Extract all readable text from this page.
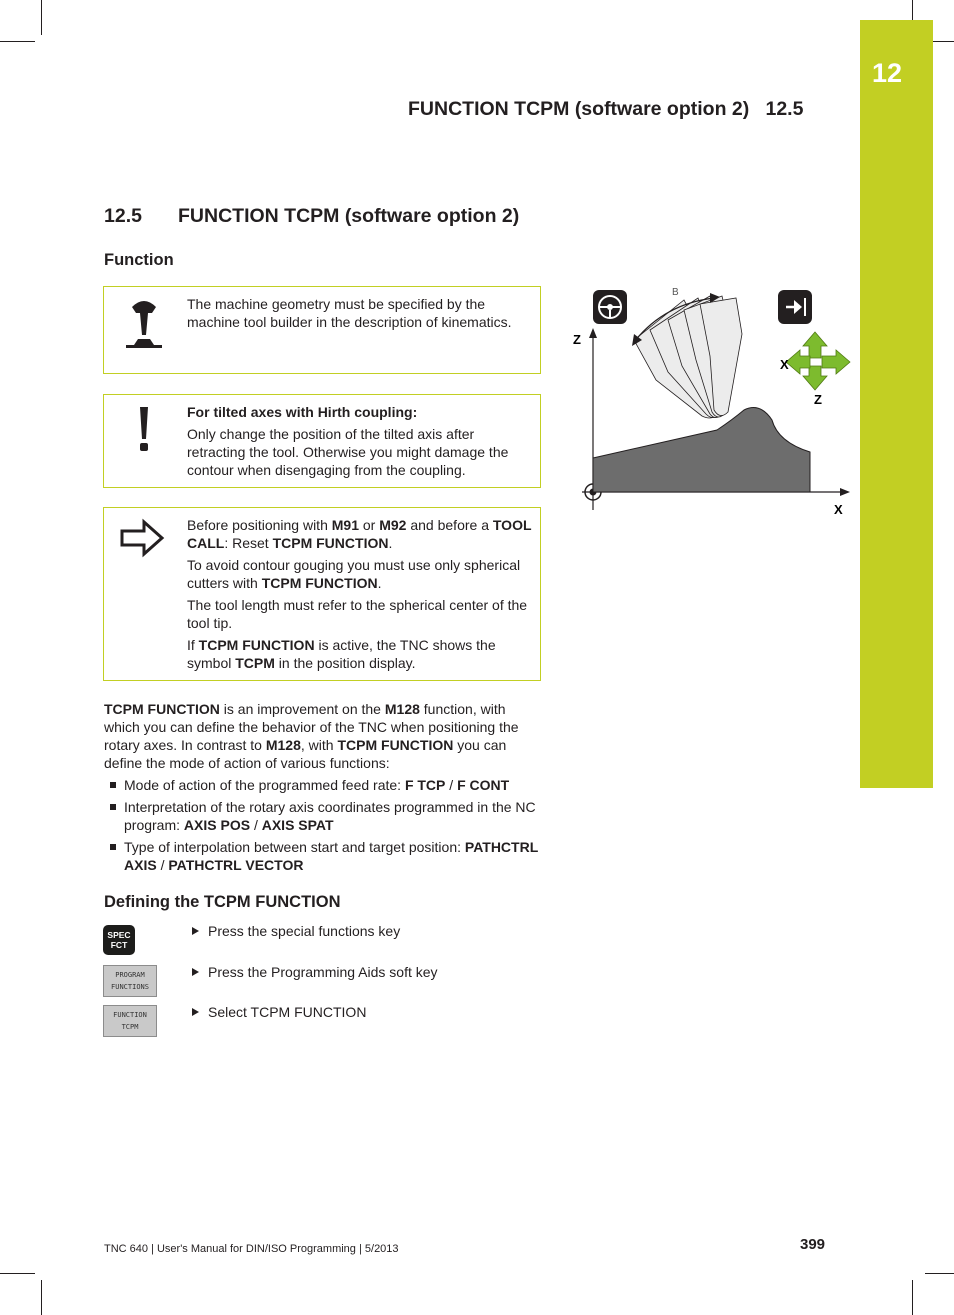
12
FUNCTION TCPM (software option 2)   12.5
12.5 FUNCTION TCPM (software option 2)
Function
The machine geometry must be specified by the machine tool builder in the description of kinematics.

For tilted axes with Hirth coupling:

Only change the position of the tilted axis after retracting the tool. Otherwise you might damage the contour when disengaging from the coupling.

Before positioning with M91 or M92 and before a TOOL CALL: Reset TCPM FUNCTION.

To avoid contour gouging you must use only spherical cutters with TCPM FUNCTION.

The tool length must refer to the spherical center of the tool tip.

If TCPM FUNCTION is active, the TNC shows the symbol TCPM in the position display.

TCPM FUNCTION is an improvement on the M128 function, with which you can define the behavior of the TNC when positioning the rotary axes. In contrast to M128, with TCPM FUNCTION you can define the mode of action of various functions:

Mode of action of the programmed feed rate: F TCP / F CONT
Interpretation of the rotary axis coordinates programmed in the NC program: AXIS POS / AXIS SPAT
Type of interpolation between start and target position: PATHCTRL AXIS / PATHCTRL VECTOR
Defining the TCPM FUNCTION
SPEC
FCT
Press the special functions key
PROGRAM
FUNCTIONS
Press the Programming Aids soft key
FUNCTION
TCPM
Select TCPM FUNCTION
Z
X
B
X
Z
TNC 640 | User's Manual for DIN/ISO Programming | 5/2013	399
